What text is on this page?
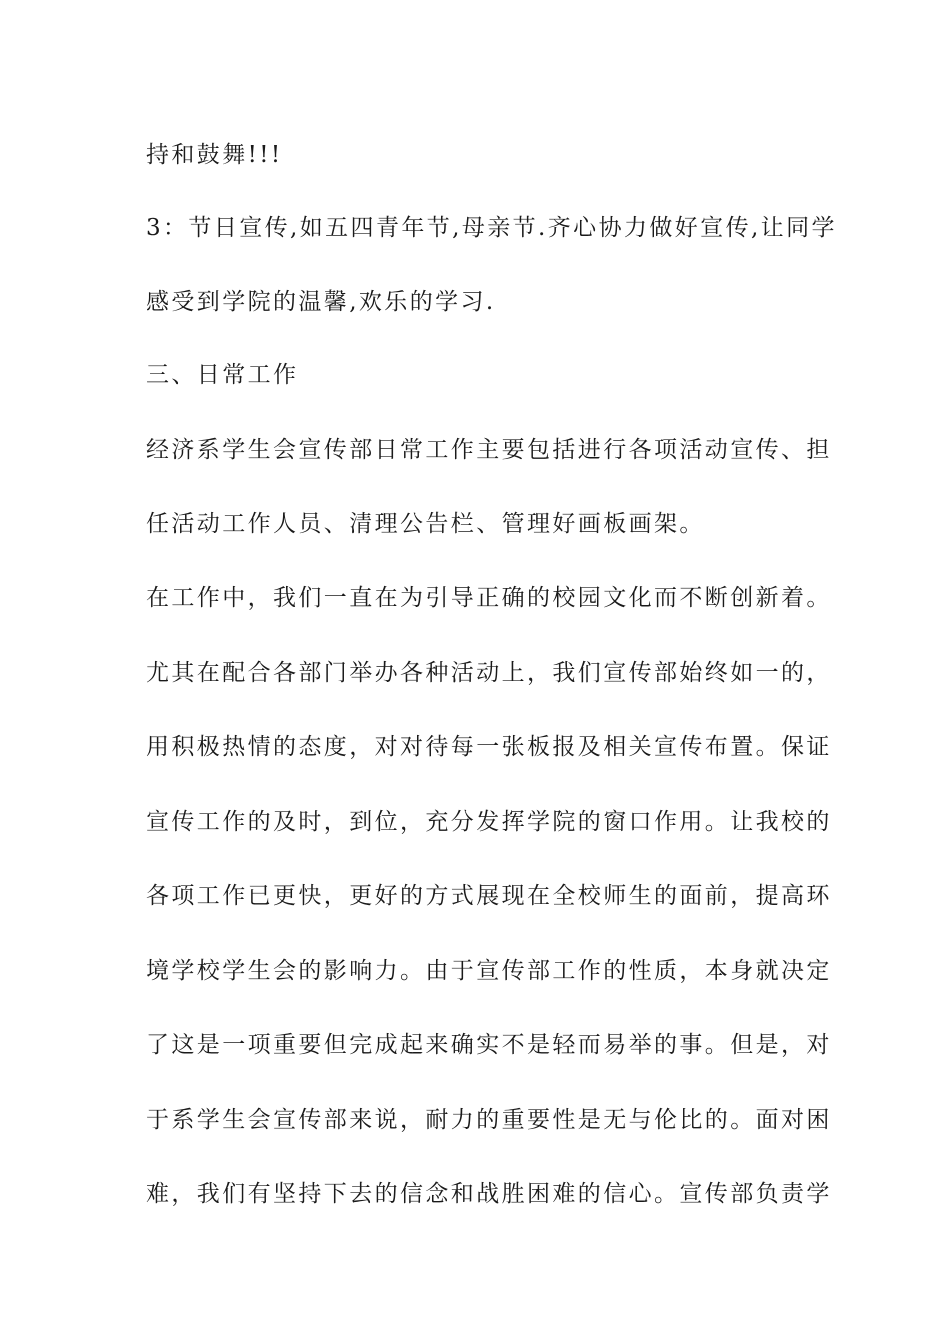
持和鼓舞!!!
3：节日宣传,如五四青年节,母亲节.齐心协力做好宣传,让同学
感受到学院的温馨,欢乐的学习.
三、日常工作
经济系学生会宣传部日常工作主要包括进行各项活动宣传、担
任活动工作人员、清理公告栏、管理好画板画架。
在工作中，我们一直在为引导正确的校园文化而不断创新着。
尤其在配合各部门举办各种活动上，我们宣传部始终如一的，
用积极热情的态度，对对待每一张板报及相关宣传布置。保证
宣传工作的及时，到位，充分发挥学院的窗口作用。让我校的
各项工作已更快，更好的方式展现在全校师生的面前，提高环
境学校学生会的影响力。由于宣传部工作的性质，本身就决定
了这是一项重要但完成起来确实不是轻而易举的事。但是，对
于系学生会宣传部来说，耐力的重要性是无与伦比的。面对困
难，我们有坚持下去的信念和战胜困难的信心。宣传部负责学
